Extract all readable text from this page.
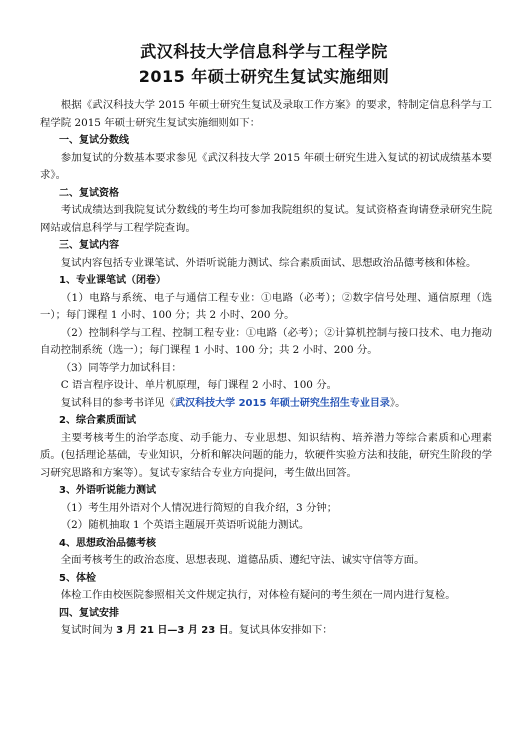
武汉科技大学信息科学与工程学院
2015 年硕士研究生复试实施细则

根据《武汉科技大学 2015 年硕士研究生复试及录取工作方案》的要求，特制定信息科学与工程学院 2015 年硕士研究生复试实施细则如下：

一、复试分数线

参加复试的分数基本要求参见《武汉科技大学 2015 年硕士研究生进入复试的初试成绩基本要求》。

二、复试资格

考试成绩达到我院复试分数线的考生均可参加我院组织的复试。复试资格查询请登录研究生院网站或信息科学与工程学院查询。

三、复试内容

复试内容包括专业课笔试、外语听说能力测试、综合素质面试、思想政治品德考核和体检。

1、专业课笔试（闭卷）

（1）电路与系统、电子与通信工程专业：①电路（必考）；②数字信号处理、通信原理（选一）；每门课程 1 小时、100 分；共 2 小时、200 分。

（2）控制科学与工程、控制工程专业：①电路（必考）；②计算机控制与接口技术、电力拖动自动控制系统（选一）；每门课程 1 小时、100 分；共 2 小时、200 分。

（3）同等学力加试科目：

C 语言程序设计、单片机原理，每门课程 2 小时、100 分。

复试科目的参考书详见《武汉科技大学 2015 年硕士研究生招生专业目录》。

2、综合素质面试

主要考核考生的治学态度、动手能力、专业思想、知识结构、培养潜力等综合素质和心理素质。(包括理论基础，专业知识，分析和解决问题的能力，软硬件实验方法和技能，研究生阶段的学习研究思路和方案等）。复试专家结合专业方向提问，考生做出回答。

3、外语听说能力测试

（1）考生用外语对个人情况进行简短的自我介绍，3 分钟；

（2）随机抽取 1 个英语主题展开英语听说能力测试。

4、思想政治品德考核

全面考核考生的政治态度、思想表现、道德品质、遵纪守法、诚实守信等方面。

5、体检

体检工作由校医院参照相关文件规定执行，对体检有疑问的考生须在一周内进行复检。

四、复试安排

复试时间为 3 月 21 日—3 月 23 日。复试具体安排如下：
